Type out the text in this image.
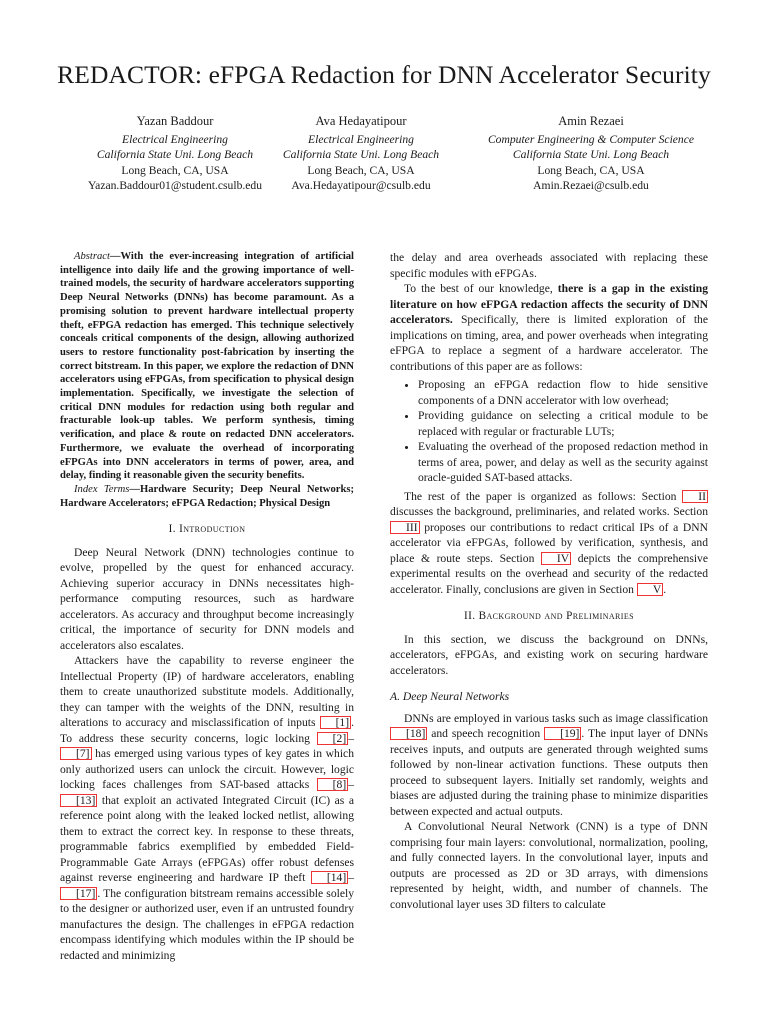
REDACTOR: eFPGA Redaction for DNN Accelerator Security
Yazan Baddour
Electrical Engineering
California State Uni. Long Beach
Long Beach, CA, USA
Yazan.Baddour01@student.csulb.edu
Ava Hedayatipour
Electrical Engineering
California State Uni. Long Beach
Long Beach, CA, USA
Ava.Hedayatipour@csulb.edu
Amin Rezaei
Computer Engineering & Computer Science
California State Uni. Long Beach
Long Beach, CA, USA
Amin.Rezaei@csulb.edu

Abstract—With the ever-increasing integration of artificial intelligence into daily life and the growing importance of well-trained models, the security of hardware accelerators supporting Deep Neural Networks (DNNs) has become paramount. As a promising solution to prevent hardware intellectual property theft, eFPGA redaction has emerged. This technique selectively conceals critical components of the design, allowing authorized users to restore functionality post-fabrication by inserting the correct bitstream. In this paper, we explore the redaction of DNN accelerators using eFPGAs, from specification to physical design implementation. Specifically, we investigate the selection of critical DNN modules for redaction using both regular and fracturable look-up tables. We perform synthesis, timing verification, and place & route on redacted DNN accelerators. Furthermore, we evaluate the overhead of incorporating eFPGAs into DNN accelerators in terms of power, area, and delay, finding it reasonable given the security benefits.

Index Terms—Hardware Security; Deep Neural Networks; Hardware Accelerators; eFPGA Redaction; Physical Design

I. Introduction

Deep Neural Network (DNN) technologies continue to evolve, propelled by the quest for enhanced accuracy. Achieving superior accuracy in DNNs necessitates high-performance computing resources, such as hardware accelerators. As accuracy and throughput become increasingly critical, the importance of security for DNN models and accelerators also escalates.

Attackers have the capability to reverse engineer the Intellectual Property (IP) of hardware accelerators, enabling them to create unauthorized substitute models. Additionally, they can tamper with the weights of the DNN, resulting in alterations to accuracy and misclassification of inputs [1] . To address these security concerns, logic locking [2] –[7] has emerged using various types of key gates in which only authorized users can unlock the circuit. However, logic locking faces challenges from SAT-based attacks [8] –[13] that exploit an activated Integrated Circuit (IC) as a reference point along with the leaked locked netlist, allowing them to extract the correct key. In response to these threats, programmable fabrics exemplified by embedded Field-Programmable Gate Arrays (eFPGAs) offer robust defenses against reverse engineering and hardware IP theft [14] –[17] . The configuration bitstream remains accessible solely to the designer or authorized user, even if an untrusted foundry manufactures the design. The challenges in eFPGA redaction encompass identifying which modules within the IP should be redacted and minimizing

the delay and area overheads associated with replacing these specific modules with eFPGAs.

To the best of our knowledge, there is a gap in the existing literature on how eFPGA redaction affects the security of DNN accelerators. Specifically, there is limited exploration of the implications on timing, area, and power overheads when integrating eFPGA to replace a segment of a hardware accelerator. The contributions of this paper are as follows:

• Proposing an eFPGA redaction flow to hide sensitive components of a DNN accelerator with low overhead;
• Providing guidance on selecting a critical module to be replaced with regular or fracturable LUTs;
• Evaluating the overhead of the proposed redaction method in terms of area, power, and delay as well as the security against oracle-guided SAT-based attacks.

The rest of the paper is organized as follows: Section II discusses the background, preliminaries, and related works. Section III proposes our contributions to redact critical IPs of a DNN accelerator via eFPGAs, followed by verification, synthesis, and place & route steps. Section IV depicts the comprehensive experimental results on the overhead and security of the redacted accelerator. Finally, conclusions are given in Section V .

II. Background and Preliminaries

In this section, we discuss the background on DNNs, accelerators, eFPGAs, and existing work on securing hardware accelerators.

A. Deep Neural Networks

DNNs are employed in various tasks such as image classification [18] and speech recognition [19] . The input layer of DNNs receives inputs, and outputs are generated through weighted sums followed by non-linear activation functions. These outputs then proceed to subsequent layers. Initially set randomly, weights and biases are adjusted during the training phase to minimize disparities between expected and actual outputs.

A Convolutional Neural Network (CNN) is a type of DNN comprising four main layers: convolutional, normalization, pooling, and fully connected layers. In the convolutional layer, inputs and outputs are processed as 2D or 3D arrays, with dimensions represented by height, width, and number of channels. The convolutional layer uses 3D filters to calculate
